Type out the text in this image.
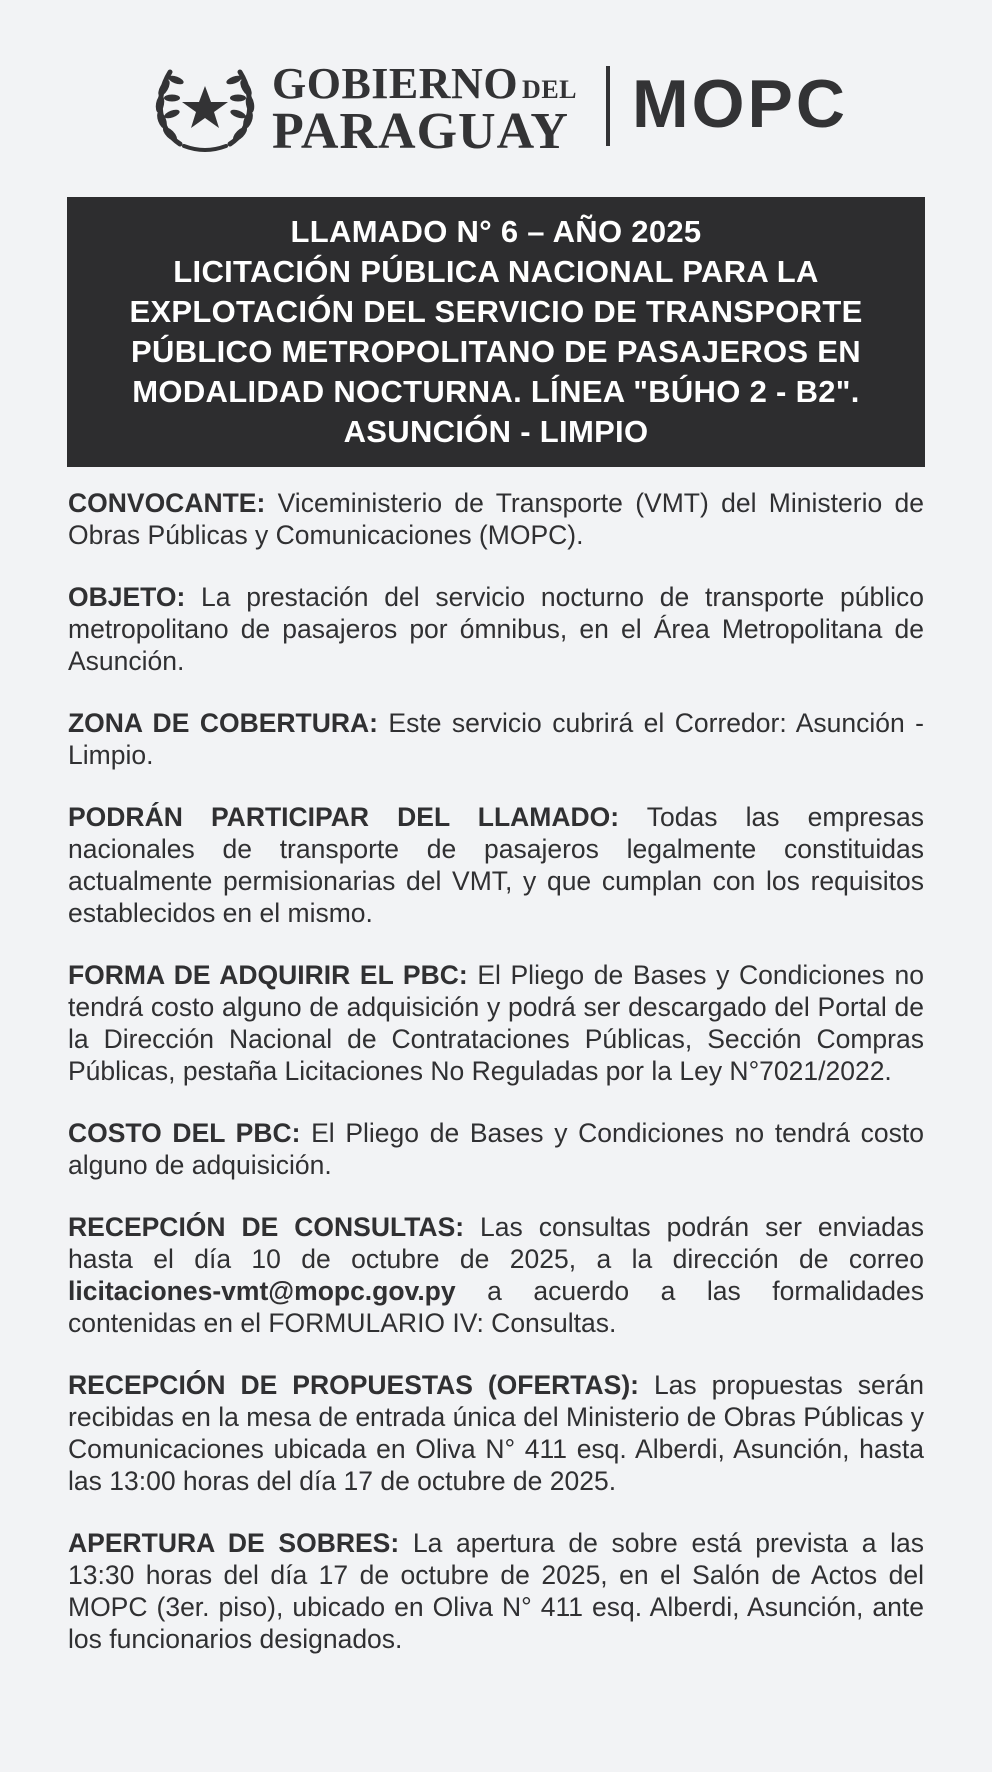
GOBIERNO DEL
PARAGUAY MOPC
LLAMADO N° 6 – AÑO 2025
LICITACIÓN PÚBLICA NACIONAL PARA LA
EXPLOTACIÓN DEL SERVICIO DE TRANSPORTE
PÚBLICO METROPOLITANO DE PASAJEROS EN
MODALIDAD NOCTURNA. LÍNEA "BÚHO 2 - B2".
ASUNCIÓN - LIMPIO

CONVOCANTE: Viceministerio de Transporte (VMT) del Ministerio de Obras Públicas y Comunicaciones (MOPC).

OBJETO: La prestación del servicio nocturno de transporte público metropolitano de pasajeros por ómnibus, en el Área Metropolitana de Asunción.

ZONA DE COBERTURA: Este servicio cubrirá el Corredor: Asunción - Limpio.

PODRÁN PARTICIPAR DEL LLAMADO: Todas las empresas nacionales de transporte de pasajeros legalmente constituidas actualmente permisionarias del VMT, y que cumplan con los requisitos establecidos en el mismo.

FORMA DE ADQUIRIR EL PBC: El Pliego de Bases y Condiciones no tendrá costo alguno de adquisición y podrá ser descargado del Portal de la Dirección Nacional de Contrataciones Públicas, Sección Compras Públicas, pestaña Licitaciones No Reguladas por la Ley N°7021/2022.

COSTO DEL PBC: El Pliego de Bases y Condiciones no tendrá costo alguno de adquisición.

RECEPCIÓN DE CONSULTAS: Las consultas podrán ser enviadas hasta el día 10 de octubre de 2025, a la dirección de correo licitaciones-vmt@mopc.gov.py a acuerdo a las formalidades contenidas en el FORMULARIO IV: Consultas.

RECEPCIÓN DE PROPUESTAS (OFERTAS): Las propuestas serán recibidas en la mesa de entrada única del Ministerio de Obras Públicas y Comunicaciones ubicada en Oliva N° 411 esq. Alberdi, Asunción, hasta las 13:00 horas del día 17 de octubre de 2025.

APERTURA DE SOBRES: La apertura de sobre está prevista a las 13:30 horas del día 17 de octubre de 2025, en el Salón de Actos del MOPC (3er. piso), ubicado en Oliva N° 411 esq. Alberdi, Asunción, ante los funcionarios designados.
